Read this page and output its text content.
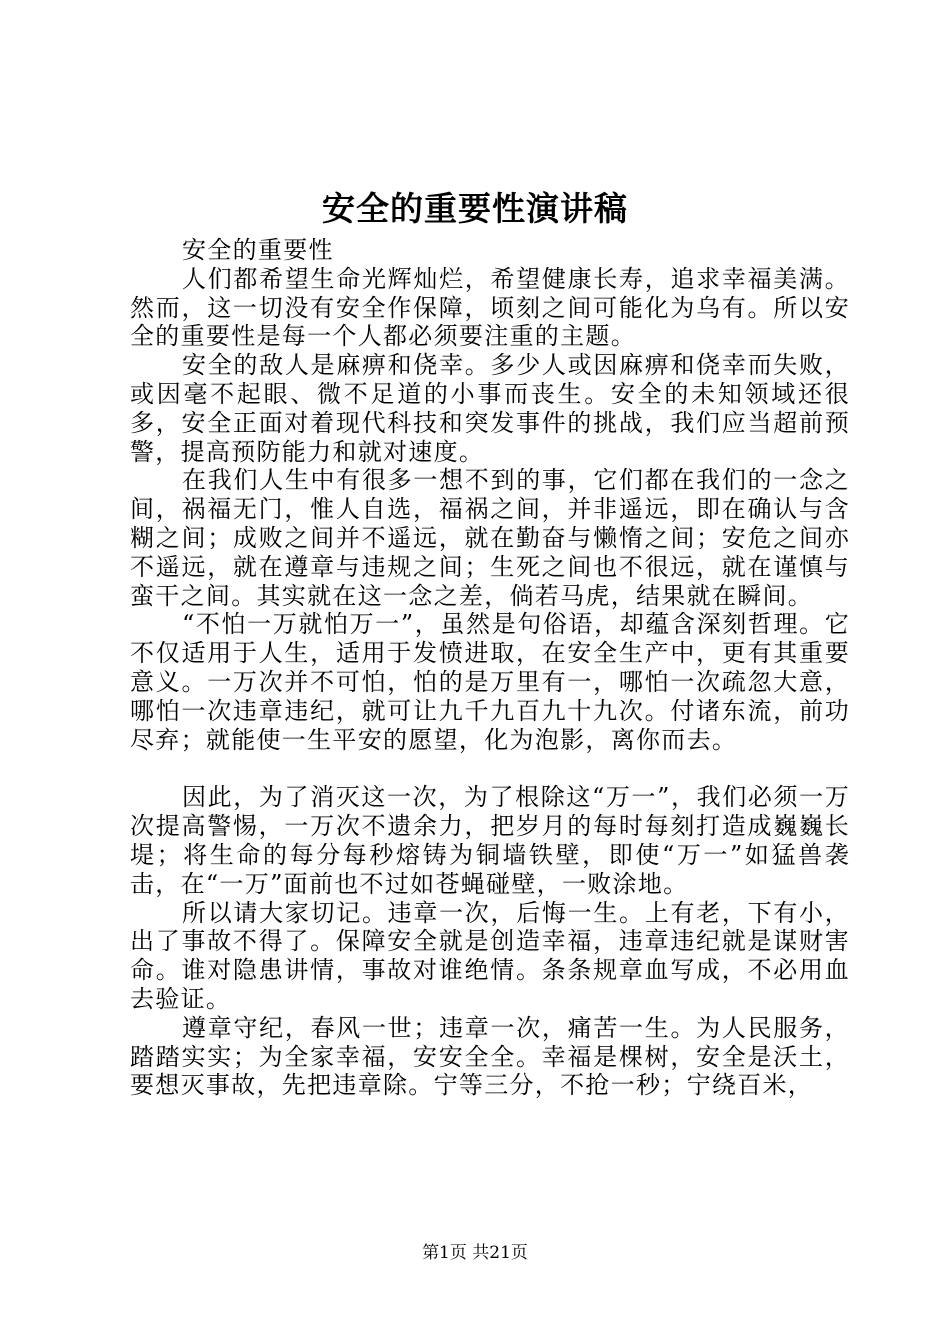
安全的重要性演讲稿

安全的重要性

人们都希望生命光辉灿烂，希望健康长寿，追求幸福美满。然而，这一切没有安全作保障，顷刻之间可能化为乌有。所以安全的重要性是每一个人都必须要注重的主题。

安全的敌人是麻痹和侥幸。多少人或因麻痹和侥幸而失败，或因毫不起眼、微不足道的小事而丧生。安全的未知领域还很多，安全正面对着现代科技和突发事件的挑战，我们应当超前预警，提高预防能力和就对速度。

在我们人生中有很多一想不到的事，它们都在我们的一念之间，祸福无门，惟人自选，福祸之间，并非遥远，即在确认与含糊之间；成败之间并不遥远，就在勤奋与懒惰之间；安危之间亦不遥远，就在遵章与违规之间；生死之间也不很远，就在谨慎与蛮干之间。其实就在这一念之差，倘若马虎，结果就在瞬间。

“不怕一万就怕万一”，虽然是句俗语，却蕴含深刻哲理。它不仅适用于人生，适用于发愤进取，在安全生产中，更有其重要意义。一万次并不可怕，怕的是万里有一，哪怕一次疏忽大意，哪怕一次违章违纪，就可让九千九百九十九次。付诸东流，前功尽弃；就能使一生平安的愿望，化为泡影，离你而去。

因此，为了消灭这一次，为了根除这“万一”，我们必须一万次提高警惕，一万次不遗余力，把岁月的每时每刻打造成巍巍长堤；将生命的每分每秒熔铸为铜墙铁壁，即使“万一”如猛兽袭击，在“一万”面前也不过如苍蝇碰壁，一败涂地。

所以请大家切记。违章一次，后悔一生。上有老，下有小，出了事故不得了。保障安全就是创造幸福，违章违纪就是谋财害命。谁对隐患讲情，事故对谁绝情。条条规章血写成，不必用血去验证。

遵章守纪，春风一世；违章一次，痛苦一生。为人民服务，踏踏实实；为全家幸福，安安全全。幸福是棵树，安全是沃土，要想灭事故，先把违章除。宁等三分，不抢一秒；宁绕百米，

第1页 共21页
